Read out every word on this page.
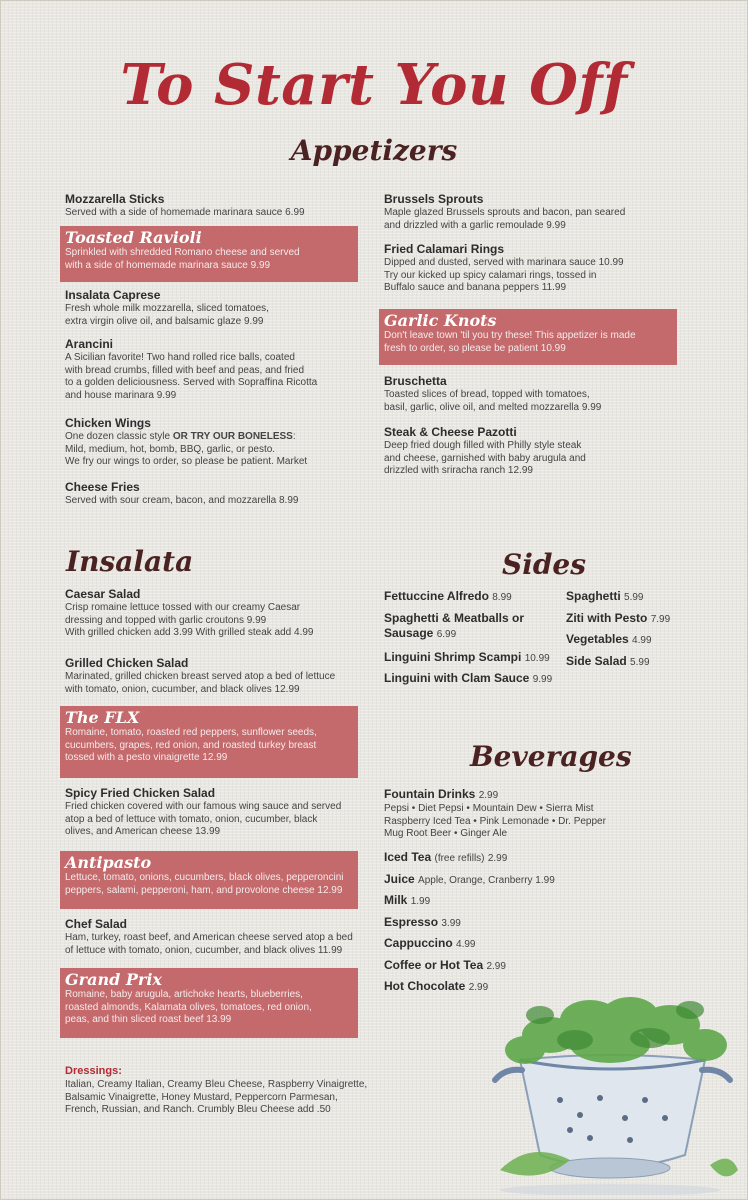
To Start You Off
Appetizers
Mozzarella Sticks
Served with a side of homemade marinara sauce 6.99
Toasted Ravioli
Sprinkled with shredded Romano cheese and served
with a side of homemade marinara sauce 9.99
Insalata Caprese
Fresh whole milk mozzarella, sliced tomatoes,
extra virgin olive oil, and balsamic glaze 9.99
Arancini
A Sicilian favorite! Two hand rolled rice balls, coated
with bread crumbs, filled with beef and peas, and fried
to a golden deliciousness. Served with Sopraffina Ricotta
and house marinara 9.99
Chicken Wings
One dozen classic style OR TRY OUR BONELESS:
Mild, medium, hot, bomb, BBQ, garlic, or pesto.
We fry our wings to order, so please be patient. Market
Cheese Fries
Served with sour cream, bacon, and mozzarella 8.99
Brussels Sprouts
Maple glazed Brussels sprouts and bacon, pan seared
and drizzled with a garlic remoulade 9.99
Fried Calamari Rings
Dipped and dusted, served with marinara sauce 10.99
Try our kicked up spicy calamari rings, tossed in
Buffalo sauce and banana peppers 11.99
Garlic Knots
Don't leave town 'til you try these! This appetizer is made
fresh to order, so please be patient 10.99
Bruschetta
Toasted slices of bread, topped with tomatoes,
basil, garlic, olive oil, and melted mozzarella 9.99
Steak & Cheese Pazotti
Deep fried dough filled with Philly style steak
and cheese, garnished with baby arugula and
drizzled with sriracha ranch 12.99
Insalata
Caesar Salad
Crisp romaine lettuce tossed with our creamy Caesar
dressing and topped with garlic croutons 9.99
With grilled chicken add 3.99 With grilled steak add 4.99
Grilled Chicken Salad
Marinated, grilled chicken breast served atop a bed of lettuce
with tomato, onion, cucumber, and black olives 12.99
The FLX
Romaine, tomato, roasted red peppers, sunflower seeds,
cucumbers, grapes, red onion, and roasted turkey breast
tossed with a pesto vinaigrette 12.99
Spicy Fried Chicken Salad
Fried chicken covered with our famous wing sauce and served
atop a bed of lettuce with tomato, onion, cucumber, black
olives, and American cheese 13.99
Antipasto
Lettuce, tomato, onions, cucumbers, black olives, pepperoncini
peppers, salami, pepperoni, ham, and provolone cheese 12.99
Chef Salad
Ham, turkey, roast beef, and American cheese served atop a bed
of lettuce with tomato, onion, cucumber, and black olives 11.99
Grand Prix
Romaine, baby arugula, artichoke hearts, blueberries,
roasted almonds, Kalamata olives, tomatoes, red onion,
peas, and thin sliced roast beef 13.99
Dressings:
Italian, Creamy Italian, Creamy Bleu Cheese, Raspberry Vinaigrette,
Balsamic Vinaigrette, Honey Mustard, Peppercorn Parmesan,
French, Russian, and Ranch. Crumbly Bleu Cheese add .50
Sides
Fettuccine Alfredo 8.99
Spaghetti & Meatballs or
Sausage 6.99
Linguini Shrimp Scampi 10.99
Linguini with Clam Sauce 9.99
Spaghetti 5.99
Ziti with Pesto 7.99
Vegetables 4.99
Side Salad 5.99
Beverages
Fountain Drinks 2.99
Pepsi • Diet Pepsi • Mountain Dew • Sierra Mist
Raspberry Iced Tea • Pink Lemonade • Dr. Pepper
Mug Root Beer • Ginger Ale
Iced Tea (free refills) 2.99
Juice Apple, Orange, Cranberry 1.99
Milk 1.99
Espresso 3.99
Cappuccino 4.99
Coffee or Hot Tea 2.99
Hot Chocolate 2.99
